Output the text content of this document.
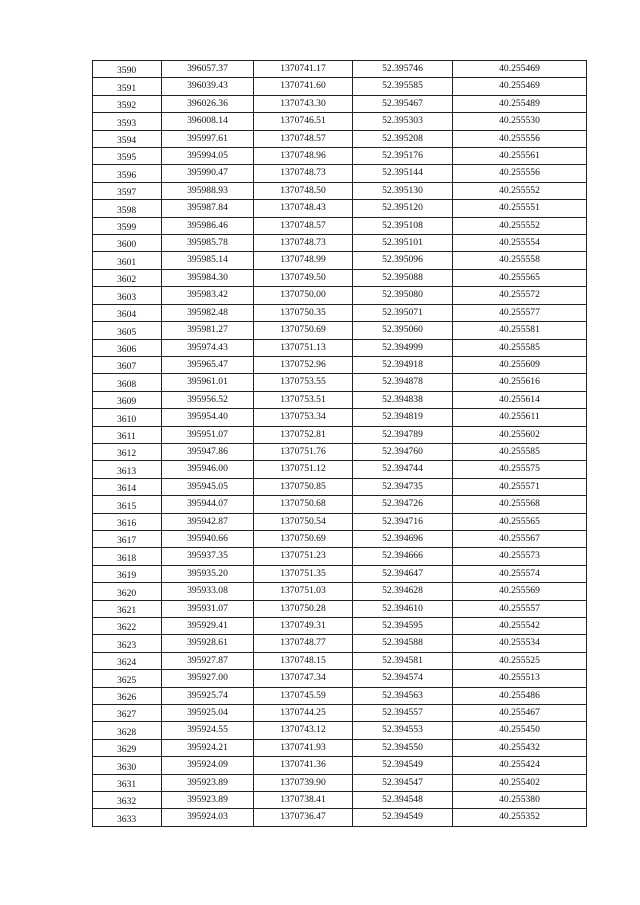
3590	396057.37	1370741.17	52.395746	40.255469
3591	396039.43	1370741.60	52.395585	40.255469
3592	396026.36	1370743.30	52.395467	40.255489
3593	396008.14	1370746.51	52.395303	40.255530
3594	395997.61	1370748.57	52.395208	40.255556
3595	395994.05	1370748.96	52.395176	40.255561
3596	395990.47	1370748.73	52.395144	40.255556
3597	395988.93	1370748.50	52.395130	40.255552
3598	395987.84	1370748.43	52.395120	40.255551
3599	395986.46	1370748.57	52.395108	40.255552
3600	395985.78	1370748.73	52.395101	40.255554
3601	395985.14	1370748.99	52.395096	40.255558
3602	395984.30	1370749.50	52.395088	40.255565
3603	395983.42	1370750.00	52.395080	40.255572
3604	395982.48	1370750.35	52.395071	40.255577
3605	395981.27	1370750.69	52.395060	40.255581
3606	395974.43	1370751.13	52.394999	40.255585
3607	395965.47	1370752.96	52.394918	40.255609
3608	395961.01	1370753.55	52.394878	40.255616
3609	395956.52	1370753.51	52.394838	40.255614
3610	395954.40	1370753.34	52.394819	40.255611
3611	395951.07	1370752.81	52.394789	40.255602
3612	395947.86	1370751.76	52.394760	40.255585
3613	395946.00	1370751.12	52.394744	40.255575
3614	395945.05	1370750.85	52.394735	40.255571
3615	395944.07	1370750.68	52.394726	40.255568
3616	395942.87	1370750.54	52.394716	40.255565
3617	395940.66	1370750.69	52.394696	40.255567
3618	395937.35	1370751.23	52.394666	40.255573
3619	395935.20	1370751.35	52.394647	40.255574
3620	395933.08	1370751.03	52.394628	40.255569
3621	395931.07	1370750.28	52.394610	40.255557
3622	395929.41	1370749.31	52.394595	40.255542
3623	395928.61	1370748.77	52.394588	40.255534
3624	395927.87	1370748.15	52.394581	40.255525
3625	395927.00	1370747.34	52.394574	40.255513
3626	395925.74	1370745.59	52.394563	40.255486
3627	395925.04	1370744.25	52.394557	40.255467
3628	395924.55	1370743.12	52.394553	40.255450
3629	395924.21	1370741.93	52.394550	40.255432
3630	395924.09	1370741.36	52.394549	40.255424
3631	395923.89	1370739.90	52.394547	40.255402
3632	395923.89	1370738.41	52.394548	40.255380
3633	395924.03	1370736.47	52.394549	40.255352
